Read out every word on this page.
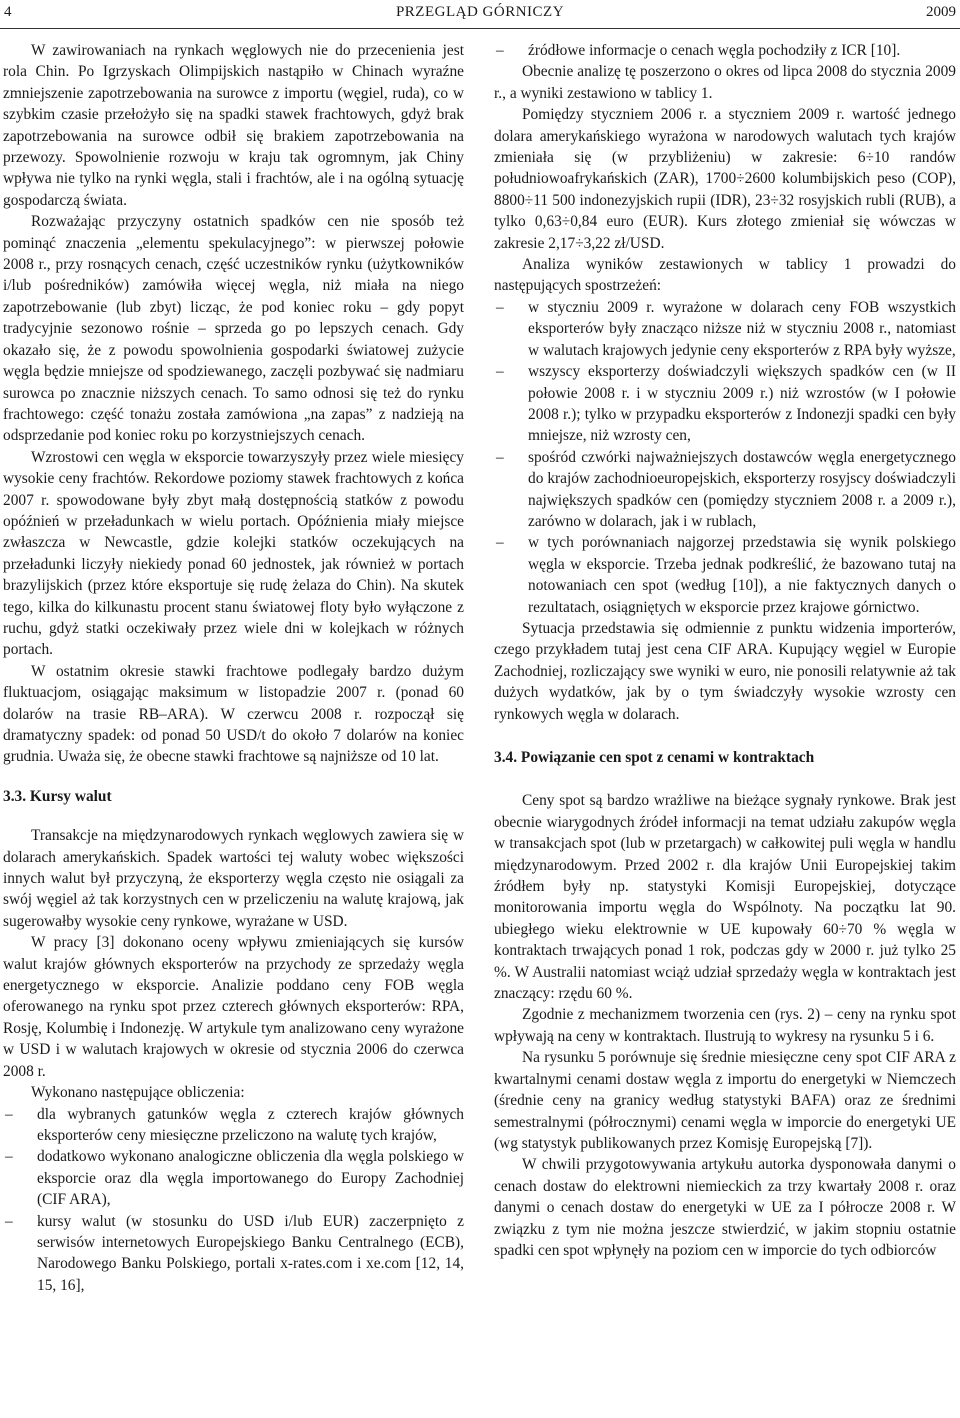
4	PRZEGLĄD GÓRNICZY	2009

W zawirowaniach na rynkach węglowych nie do przecenienia jest rola Chin. Po Igrzyskach Olimpijskich nastąpiło w Chinach wyraźne zmniejszenie zapotrzebowania na surowce z importu (węgiel, ruda), co w szybkim czasie przełożyło się na spadki stawek frachtowych, gdyż brak zapotrzebowania na surowce odbił się brakiem zapotrzebowania na przewozy. Spowolnienie rozwoju w kraju tak ogromnym, jak Chiny wpływa nie tylko na rynki węgla, stali i frachtów, ale i na ogólną sytuację gospodarczą świata.

Rozważając przyczyny ostatnich spadków cen nie sposób też pominąć znaczenia „elementu spekulacyjnego”: w pierwszej połowie 2008 r., przy rosnących cenach, część uczestników rynku (użytkowników i/lub pośredników) zamówiła więcej węgla, niż miała na niego zapotrzebowanie (lub zbyt) licząc, że pod koniec roku – gdy popyt tradycyjnie sezonowo rośnie – sprzeda go po lepszych cenach. Gdy okazało się, że z powodu spowolnienia gospodarki światowej zużycie węgla będzie mniejsze od spodziewanego, zaczęli pozbywać się nadmiaru surowca po znacznie niższych cenach. To samo odnosi się też do rynku frachtowego: część tonażu została zamówiona „na zapas” z nadzieją na odsprzedanie pod koniec roku po korzystniejszych cenach.

Wzrostowi cen węgla w eksporcie towarzyszyły przez wiele miesięcy wysokie ceny frachtów. Rekordowe poziomy stawek frachtowych z końca 2007 r. spowodowane były zbyt małą dostępnością statków z powodu opóźnień w przeładunkach w wielu portach. Opóźnienia miały miejsce zwłaszcza w Newcastle, gdzie kolejki statków oczekujących na przeładunki liczyły niekiedy ponad 60 jednostek, jak również w portach brazylijskich (przez które eksportuje się rudę żelaza do Chin). Na skutek tego, kilka do kilkunastu procent stanu światowej floty było wyłączone z ruchu, gdyż statki oczekiwały przez wiele dni w kolejkach w różnych portach.

W ostatnim okresie stawki frachtowe podlegały bardzo dużym fluktuacjom, osiągając maksimum w listopadzie 2007 r. (ponad 60 dolarów na trasie RB–ARA). W czerwcu 2008 r. rozpoczął się dramatyczny spadek: od ponad 50 USD/t do około 7 dolarów na koniec grudnia. Uważa się, że obecne stawki frachtowe są najniższe od 10 lat.

3.3. Kursy walut

Transakcje na międzynarodowych rynkach węglowych zawiera się w dolarach amerykańskich. Spadek wartości tej waluty wobec większości innych walut był przyczyną, że eksporterzy węgla często nie osiągali za swój węgiel aż tak korzystnych cen w przeliczeniu na walutę krajową, jak sugerowałby wysokie ceny rynkowe, wyrażane w USD.

W pracy [3] dokonano oceny wpływu zmieniających się kursów walut krajów głównych eksporterów na przychody ze sprzedaży węgla energetycznego w eksporcie. Analizie poddano ceny FOB węgla oferowanego na rynku spot przez czterech głównych eksporterów: RPA, Rosję, Kolumbię i Indonezję. W artykule tym analizowano ceny wyrażone w USD i w walutach krajowych w okresie od stycznia 2006 do czerwca 2008 r.

Wykonano następujące obliczenia:

– dla wybranych gatunków węgla z czterech krajów głównych eksporterów ceny miesięczne przeliczono na walutę tych krajów,
– dodatkowo wykonano analogiczne obliczenia dla węgla polskiego w eksporcie oraz dla węgla importowanego do Europy Zachodniej (CIF ARA),
– kursy walut (w stosunku do USD i/lub EUR) zaczerpnięto z serwisów internetowych Europejskiego Banku Centralnego (ECB), Narodowego Banku Polskiego, portali x-rates.com i xe.com [12, 14, 15, 16],
– źródłowe informacje o cenach węgla pochodziły z ICR [10].

Obecnie analizę tę poszerzono o okres od lipca 2008 do stycznia 2009 r., a wyniki zestawiono w tablicy 1.

Pomiędzy styczniem 2006 r. a styczniem 2009 r. wartość jednego dolara amerykańskiego wyrażona w narodowych walutach tych krajów zmieniała się (w przybliżeniu) w zakresie: 6÷10 randów południowoafrykańskich (ZAR), 1700÷2600 kolumbijskich peso (COP), 8800÷11 500 indonezyjskich rupii (IDR), 23÷32 rosyjskich rubli (RUB), a tylko 0,63÷0,84 euro (EUR). Kurs złotego zmieniał się wówczas w zakresie 2,17÷3,22 zł/USD.

Analiza wyników zestawionych w tablicy 1 prowadzi do następujących spostrzeżeń:

– w styczniu 2009 r. wyrażone w dolarach ceny FOB wszystkich eksporterów były znacząco niższe niż w styczniu 2008 r., natomiast w walutach krajowych jedynie ceny eksporterów z RPA były wyższe,
– wszyscy eksporterzy doświadczyli większych spadków cen (w II połowie 2008 r. i w styczniu 2009 r.) niż wzrostów (w I połowie 2008 r.); tylko w przypadku eksporterów z Indonezji spadki cen były mniejsze, niż wzrosty cen,
– spośród czwórki najważniejszych dostawców węgla energetycznego do krajów zachodnioeuropejskich, eksporterzy rosyjscy doświadczyli największych spadków cen (pomiędzy styczniem 2008 r. a 2009 r.), zarówno w dolarach, jak i w rublach,
– w tych porównaniach najgorzej przedstawia się wynik polskiego węgla w eksporcie. Trzeba jednak podkreślić, że bazowano tutaj na notowaniach cen spot (według [10]), a nie faktycznych danych o rezultatach, osiągniętych w eksporcie przez krajowe górnictwo.

Sytuacja przedstawia się odmiennie z punktu widzenia importerów, czego przykładem tutaj jest cena CIF ARA. Kupujący węgiel w Europie Zachodniej, rozliczający swe wyniki w euro, nie ponosili relatywnie aż tak dużych wydatków, jak by o tym świadczyły wysokie wzrosty cen rynkowych węgla w dolarach.

3.4. Powiązanie cen spot z cenami w kontraktach

Ceny spot są bardzo wrażliwe na bieżące sygnały rynkowe. Brak jest obecnie wiarygodnych źródeł informacji na temat udziału zakupów węgla w transakcjach spot (lub w przetargach) w całkowitej puli węgla w handlu międzynarodowym. Przed 2002 r. dla krajów Unii Europejskiej takim źródłem były np. statystyki Komisji Europejskiej, dotyczące monitorowania importu węgla do Wspólnoty. Na początku lat 90. ubiegłego wieku elektrownie w UE kupowały 60÷70 % węgla w kontraktach trwających ponad 1 rok, podczas gdy w 2000 r. już tylko 25 %. W Australii natomiast wciąż udział sprzedaży węgla w kontraktach jest znaczący: rzędu 60 %.

Zgodnie z mechanizmem tworzenia cen (rys. 2) – ceny na rynku spot wpływają na ceny w kontraktach. Ilustrują to wykresy na rysunku 5 i 6.

Na rysunku 5 porównuje się średnie miesięczne ceny spot CIF ARA z kwartalnymi cenami dostaw węgla z importu do energetyki w Niemczech (średnie ceny na granicy według statystyki BAFA) oraz ze średnimi semestralnymi (półrocznymi) cenami węgla w imporcie do energetyki UE (wg statystyk publikowanych przez Komisję Europejską [7]).

W chwili przygotowywania artykułu autorka dysponowała danymi o cenach dostaw do elektrowni niemieckich za trzy kwartały 2008 r. oraz danymi o cenach dostaw do energetyki w UE za I półrocze 2008 r. W związku z tym nie można jeszcze stwierdzić, w jakim stopniu ostatnie spadki cen spot wpłynęły na poziom cen w imporcie do tych odbiorców
